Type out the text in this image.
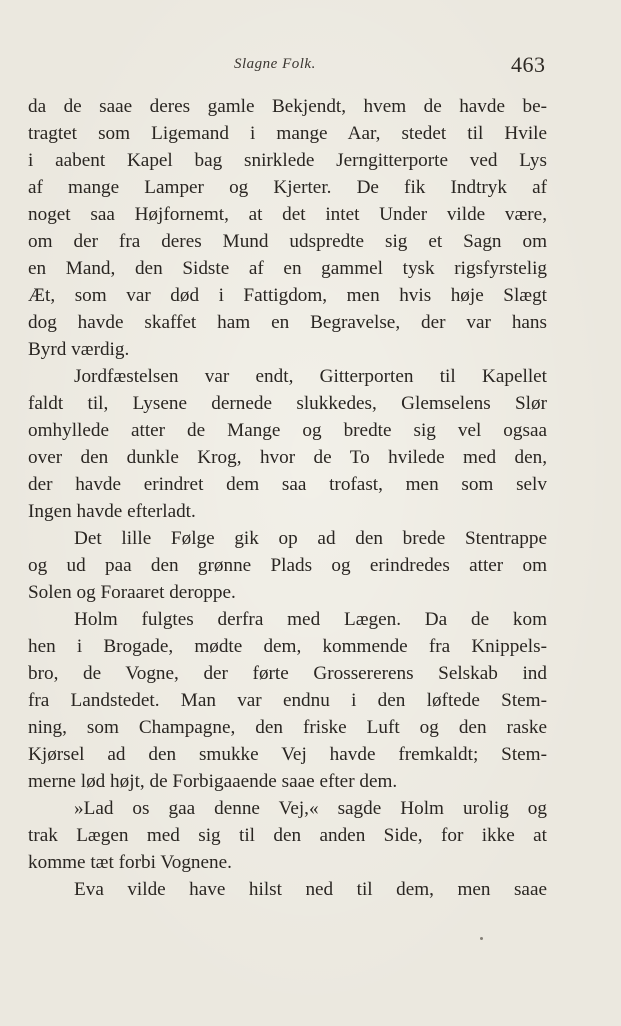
Slagne Folk.	463
da de saae deres gamle Bekjendt, hvem de havde be-
tragtet som Ligemand i mange Aar, stedet til Hvile
i aabent Kapel bag snirklede Jerngitterporte ved Lys
af mange Lamper og Kjerter. De fik Indtryk af
noget saa Højfornemt, at det intet Under vilde være,
om der fra deres Mund udspredte sig et Sagn om
en Mand, den Sidste af en gammel tysk rigsfyrstelig
Æt, som var død i Fattigdom, men hvis høje Slægt
dog havde skaffet ham en Begravelse, der var hans
Byrd værdig.
Jordfæstelsen var endt, Gitterporten til Kapellet
faldt til, Lysene dernede slukkedes, Glemselens Slør
omhyllede atter de Mange og bredte sig vel ogsaa
over den dunkle Krog, hvor de To hvilede med den,
der havde erindret dem saa trofast, men som selv
Ingen havde efterladt.
Det lille Følge gik op ad den brede Stentrappe
og ud paa den grønne Plads og erindredes atter om
Solen og Foraaret deroppe.
Holm fulgtes derfra med Lægen. Da de kom
hen i Brogade, mødte dem, kommende fra Knippels-
bro, de Vogne, der førte Grossererens Selskab ind
fra Landstedet. Man var endnu i den løftede Stem-
ning, som Champagne, den friske Luft og den raske
Kjørsel ad den smukke Vej havde fremkaldt; Stem-
merne lød højt, de Forbigaaende saae efter dem.
»Lad os gaa denne Vej,« sagde Holm urolig og
trak Lægen med sig til den anden Side, for ikke at
komme tæt forbi Vognene.
Eva vilde have hilst ned til dem, men saae
